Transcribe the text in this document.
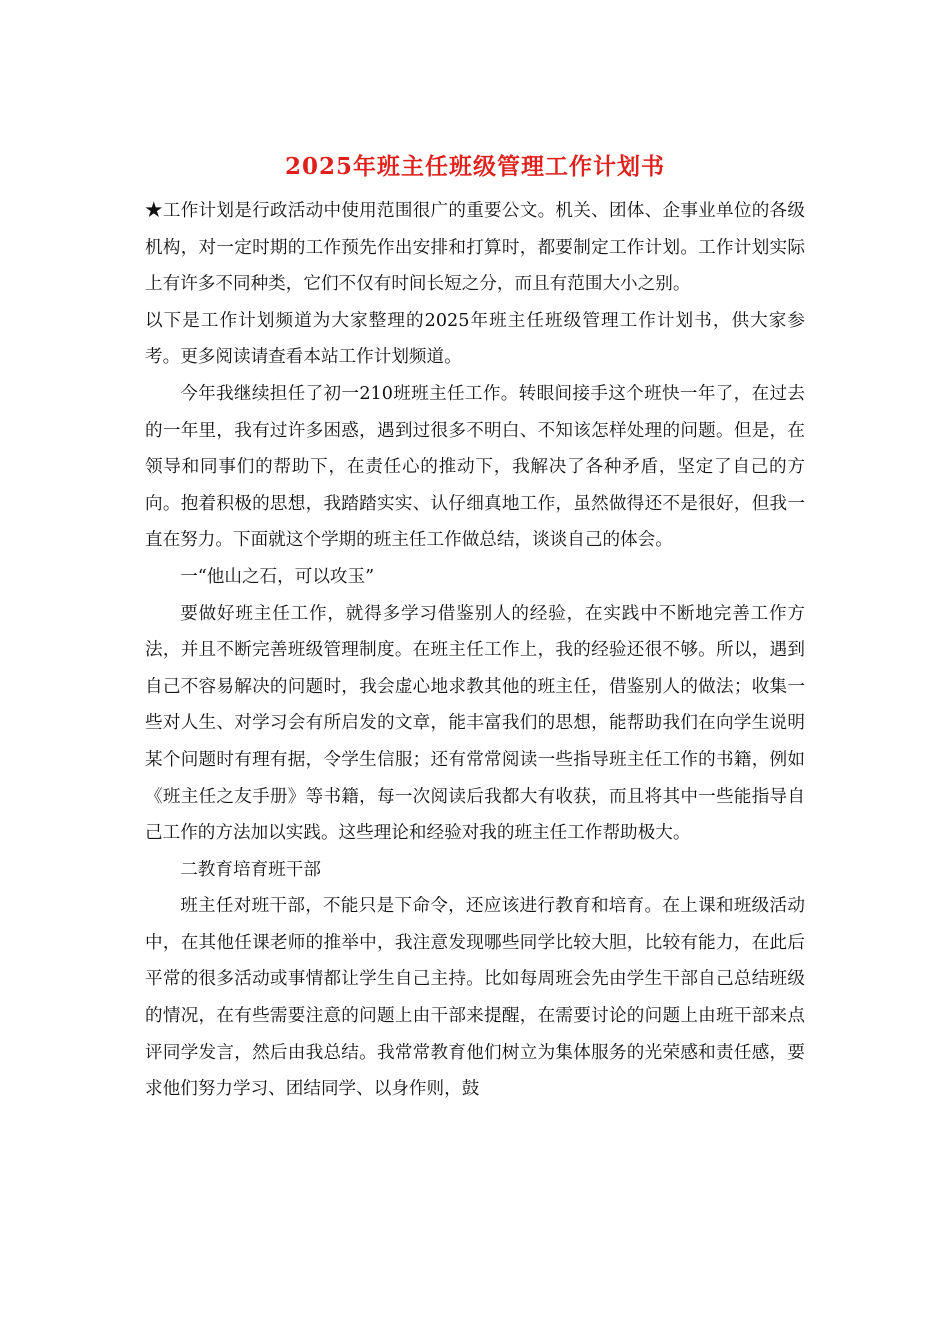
2025年班主任班级管理工作计划书

★工作计划是行政活动中使用范围很广的重要公文。机关、团体、企事业单位的各级机构，对一定时期的工作预先作出安排和打算时，都要制定工作计划。工作计划实际上有许多不同种类，它们不仅有时间长短之分，而且有范围大小之别。

以下是工作计划频道为大家整理的2025年班主任班级管理工作计划书，供大家参考。更多阅读请查看本站工作计划频道。

今年我继续担任了初一210班班主任工作。转眼间接手这个班快一年了，在过去的一年里，我有过许多困惑，遇到过很多不明白、不知该怎样处理的问题。但是，在领导和同事们的帮助下，在责任心的推动下，我解决了各种矛盾，坚定了自己的方向。抱着积极的思想，我踏踏实实、认仔细真地工作，虽然做得还不是很好，但我一直在努力。下面就这个学期的班主任工作做总结，谈谈自己的体会。

一“他山之石，可以攻玉”

要做好班主任工作，就得多学习借鉴别人的经验，在实践中不断地完善工作方法，并且不断完善班级管理制度。在班主任工作上，我的经验还很不够。所以，遇到自己不容易解决的问题时，我会虚心地求教其他的班主任，借鉴别人的做法；收集一些对人生、对学习会有所启发的文章，能丰富我们的思想，能帮助我们在向学生说明某个问题时有理有据，令学生信服；还有常常阅读一些指导班主任工作的书籍，例如《班主任之友手册》等书籍，每一次阅读后我都大有收获，而且将其中一些能指导自己工作的方法加以实践。这些理论和经验对我的班主任工作帮助极大。

二教育培育班干部

班主任对班干部，不能只是下命令，还应该进行教育和培育。在上课和班级活动中，在其他任课老师的推举中，我注意发现哪些同学比较大胆，比较有能力，在此后平常的很多活动或事情都让学生自己主持。比如每周班会先由学生干部自己总结班级的情况，在有些需要注意的问题上由干部来提醒，在需要讨论的问题上由班干部来点评同学发言，然后由我总结。我常常教育他们树立为集体服务的光荣感和责任感，要求他们努力学习、团结同学、以身作则，鼓
